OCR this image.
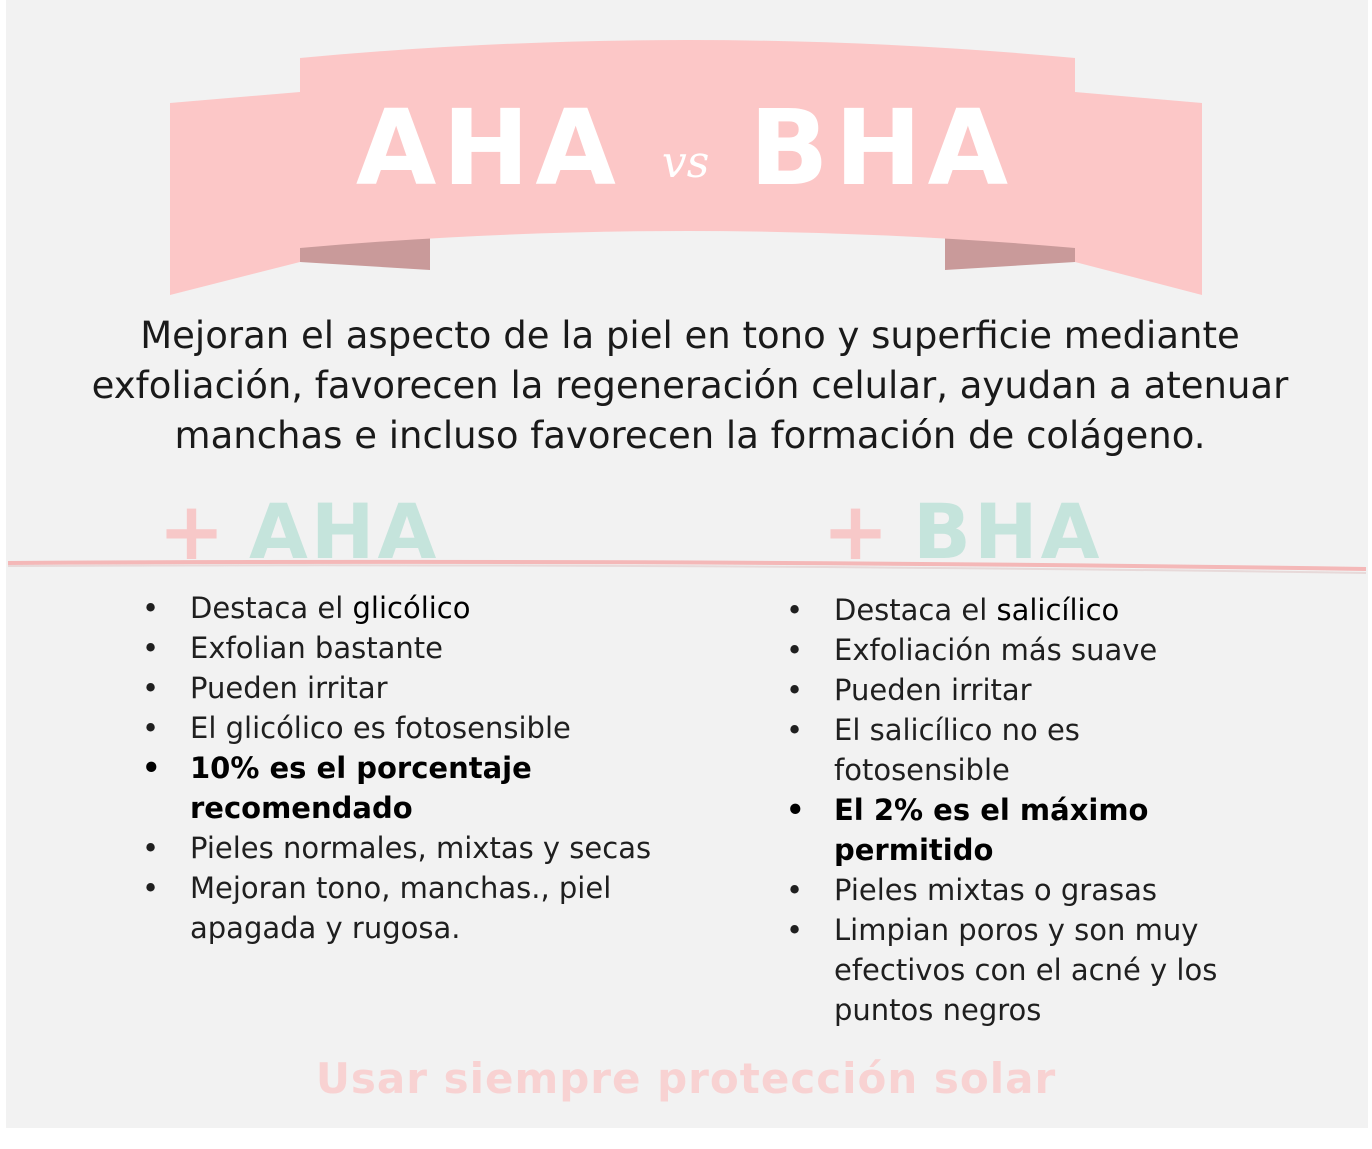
AHA vs BHA
Mejoran el aspecto de la piel en tono y superficie mediante
exfoliación, favorecen la regeneración celular, ayudan a atenuar
manchas e incluso favorecen la formación de colágeno.
+ AHA	+ BHA
• Destaca el glicólico
• Exfolian bastante
• Pueden irritar
• El glicólico es fotosensible
• 10% es el porcentaje recomendado
• Pieles normales, mixtas y secas
• Mejoran tono, manchas., piel apagada y rugosa.
• Destaca el salicílico
• Exfoliación más suave
• Pueden irritar
• El salicílico no es fotosensible
• El 2% es el máximo permitido
• Pieles mixtas o grasas
• Limpian poros y son muy efectivos con el acné y los puntos negros
Usar siempre protección solar
